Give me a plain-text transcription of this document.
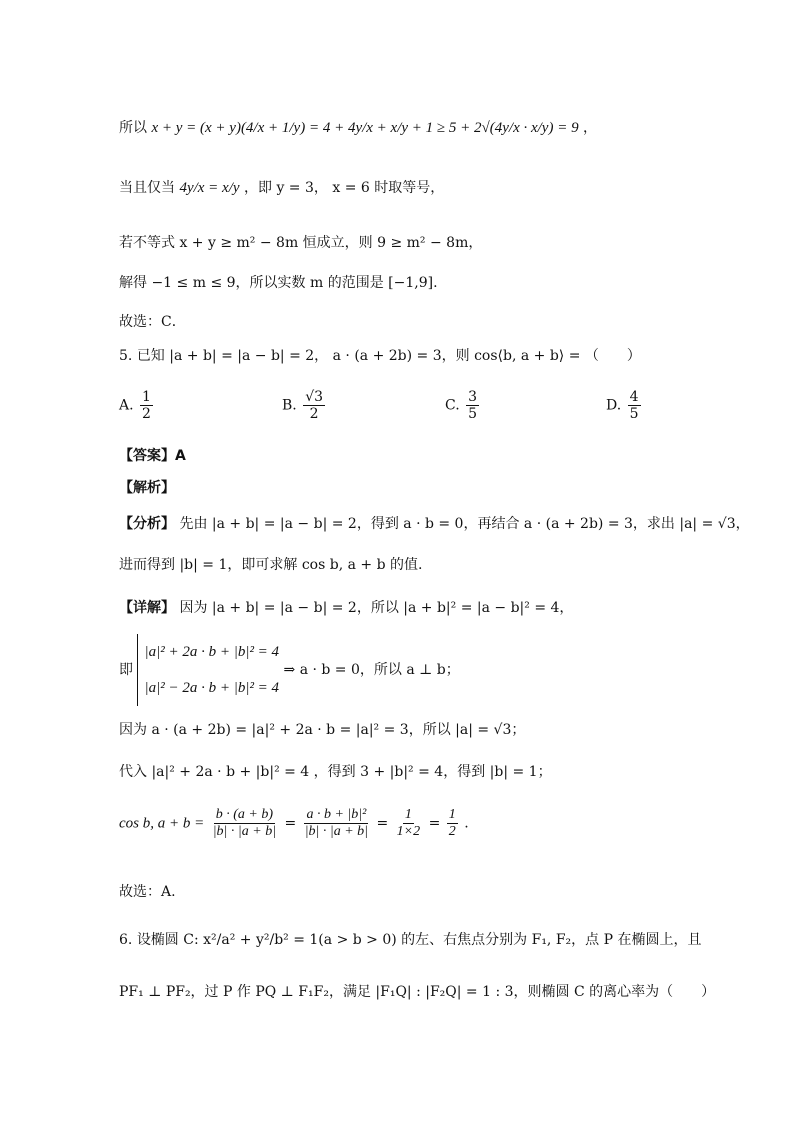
所以 x + y = (x + y)(4/x + 1/y) = 4 + 4y/x + x/y + 1 ≥ 5 + 2√(4y/x · x/y) = 9 ，
当且仅当 4y/x = x/y ，即 y = 3， x = 6 时取等号，
若不等式 x + y ≥ m² − 8m 恒成立，则 9 ≥ m² − 8m，
解得 −1 ≤ m ≤ 9，所以实数 m 的范围是 [−1,9].
故选：C．
5. 已知 |a + b| = |a − b| = 2， a · (a + 2b) = 3，则 cos⟨b, a + b⟩ = （　　）
A. $\frac{1}{2}$	B. $\frac{√3}{2}$	C. $\frac{3}{5}$	D. $\frac{4}{5}$
【答案】A
【解析】
【分析】 先由 |a + b| = |a − b| = 2，得到 a · b = 0，再结合 a · (a + 2b) = 3，求出 |a| = √3，
进而得到 |b| = 1，即可求解 cos b, a + b 的值.
【详解】 因为 |a + b| = |a − b| = 2，所以 |a + b|² = |a − b|² = 4，
即
|a|² + 2a · b + |b|² = 4
|a|² − 2a · b + |b|² = 4
⇒ a · b = 0，所以 a ⊥ b；
因为 a · (a + 2b) = |a|² + 2a · b = |a|² = 3，所以 |a| = √3；
代入 |a|² + 2a · b + |b|² = 4 ，得到 3 + |b|² = 4，得到 |b| = 1；
cos b, $a + b = \frac{b \cdot (a + b)}{|b| \cdot |a + b|} = \frac{\text{a · b + |b|²}}{|b| \cdot |a + b|} = \frac{1}{1\times 2} = \frac{1}{2}$ .
故选：A.
6. 设椭圆 C: x²/a² + y²/b² = 1(a > b > 0) 的左、右焦点分别为 F₁, F₂，点 P 在椭圆上，且
PF₁ ⊥ PF₂，过 P 作 PQ ⊥ F₁F₂，满足 |F₁Q| : |F₂Q| = 1 : 3，则椭圆 C 的离心率为（　　）
